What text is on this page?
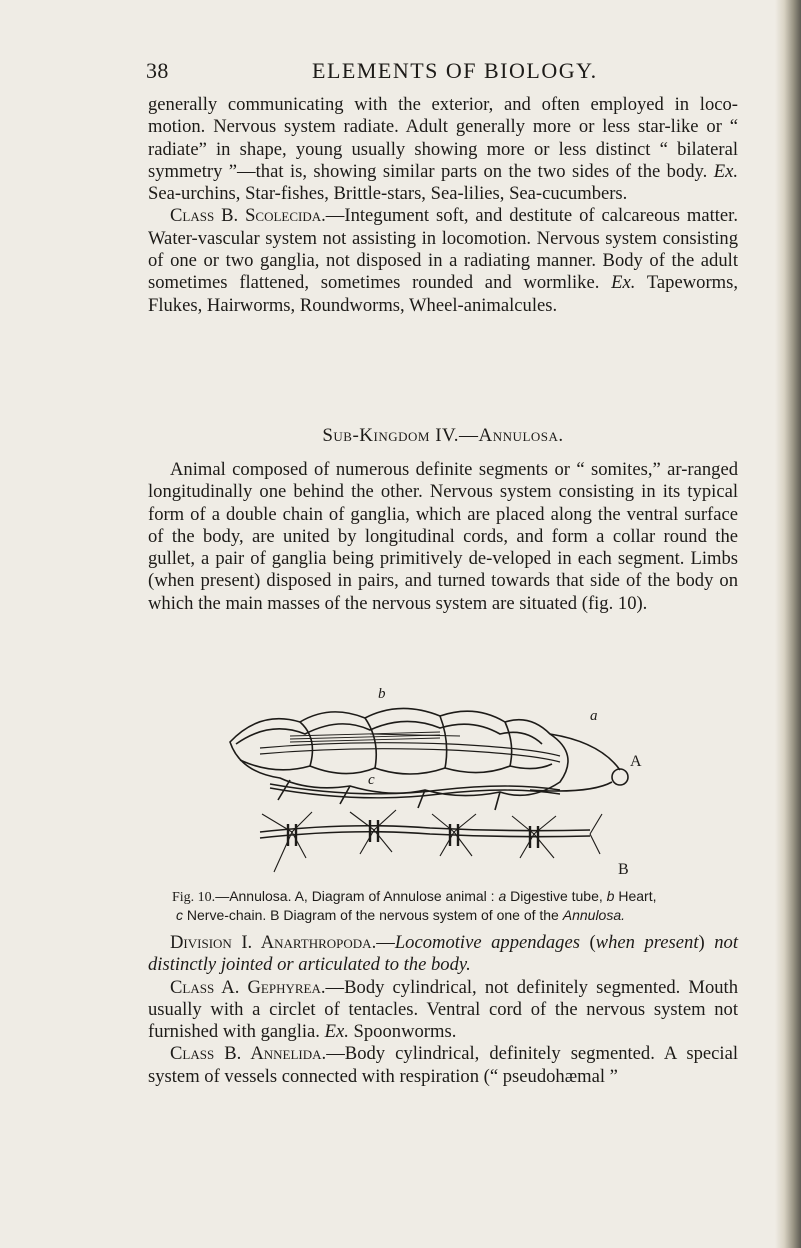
38	ELEMENTS OF BIOLOGY.

generally communicating with the exterior, and often employed in loco-motion. Nervous system radiate. Adult generally more or less star-like or “ radiate” in shape, young usually showing more or less distinct “ bilateral symmetry ”—that is, showing similar parts on the two sides of the body. Ex. Sea-urchins, Star-fishes, Brittle-stars, Sea-lilies, Sea-cucumbers.

Class B. Scolecida.—Integument soft, and destitute of calcareous matter. Water-vascular system not assisting in locomotion. Nervous system consisting of one or two ganglia, not disposed in a radiating manner. Body of the adult sometimes flattened, sometimes rounded and wormlike. Ex. Tapeworms, Flukes, Hairworms, Roundworms, Wheel-animalcules.

Sub-Kingdom IV.—Annulosa.

Animal composed of numerous definite segments or “ somites,” ar-ranged longitudinally one behind the other. Nervous system consisting in its typical form of a double chain of ganglia, which are placed along the ventral surface of the body, are united by longitudinal cords, and form a collar round the gullet, a pair of ganglia being primitively de-veloped in each segment. Limbs (when present) disposed in pairs, and turned towards that side of the body on which the main masses of the nervous system are situated (fig. 10).

b
a
c
A
B
Fig. 10.—Annulosa. A, Diagram of Annulose animal : a Digestive tube, b Heart,
c Nerve-chain. B Diagram of the nervous system of one of the Annulosa.

Division I. Anarthropoda.—Locomotive appendages (when present) not distinctly jointed or articulated to the body.

Class A. Gephyrea.—Body cylindrical, not definitely segmented. Mouth usually with a circlet of tentacles. Ventral cord of the nervous system not furnished with ganglia. Ex. Spoonworms.

Class B. Annelida.—Body cylindrical, definitely segmented. A special system of vessels connected with respiration (“ pseudohæmal ”
